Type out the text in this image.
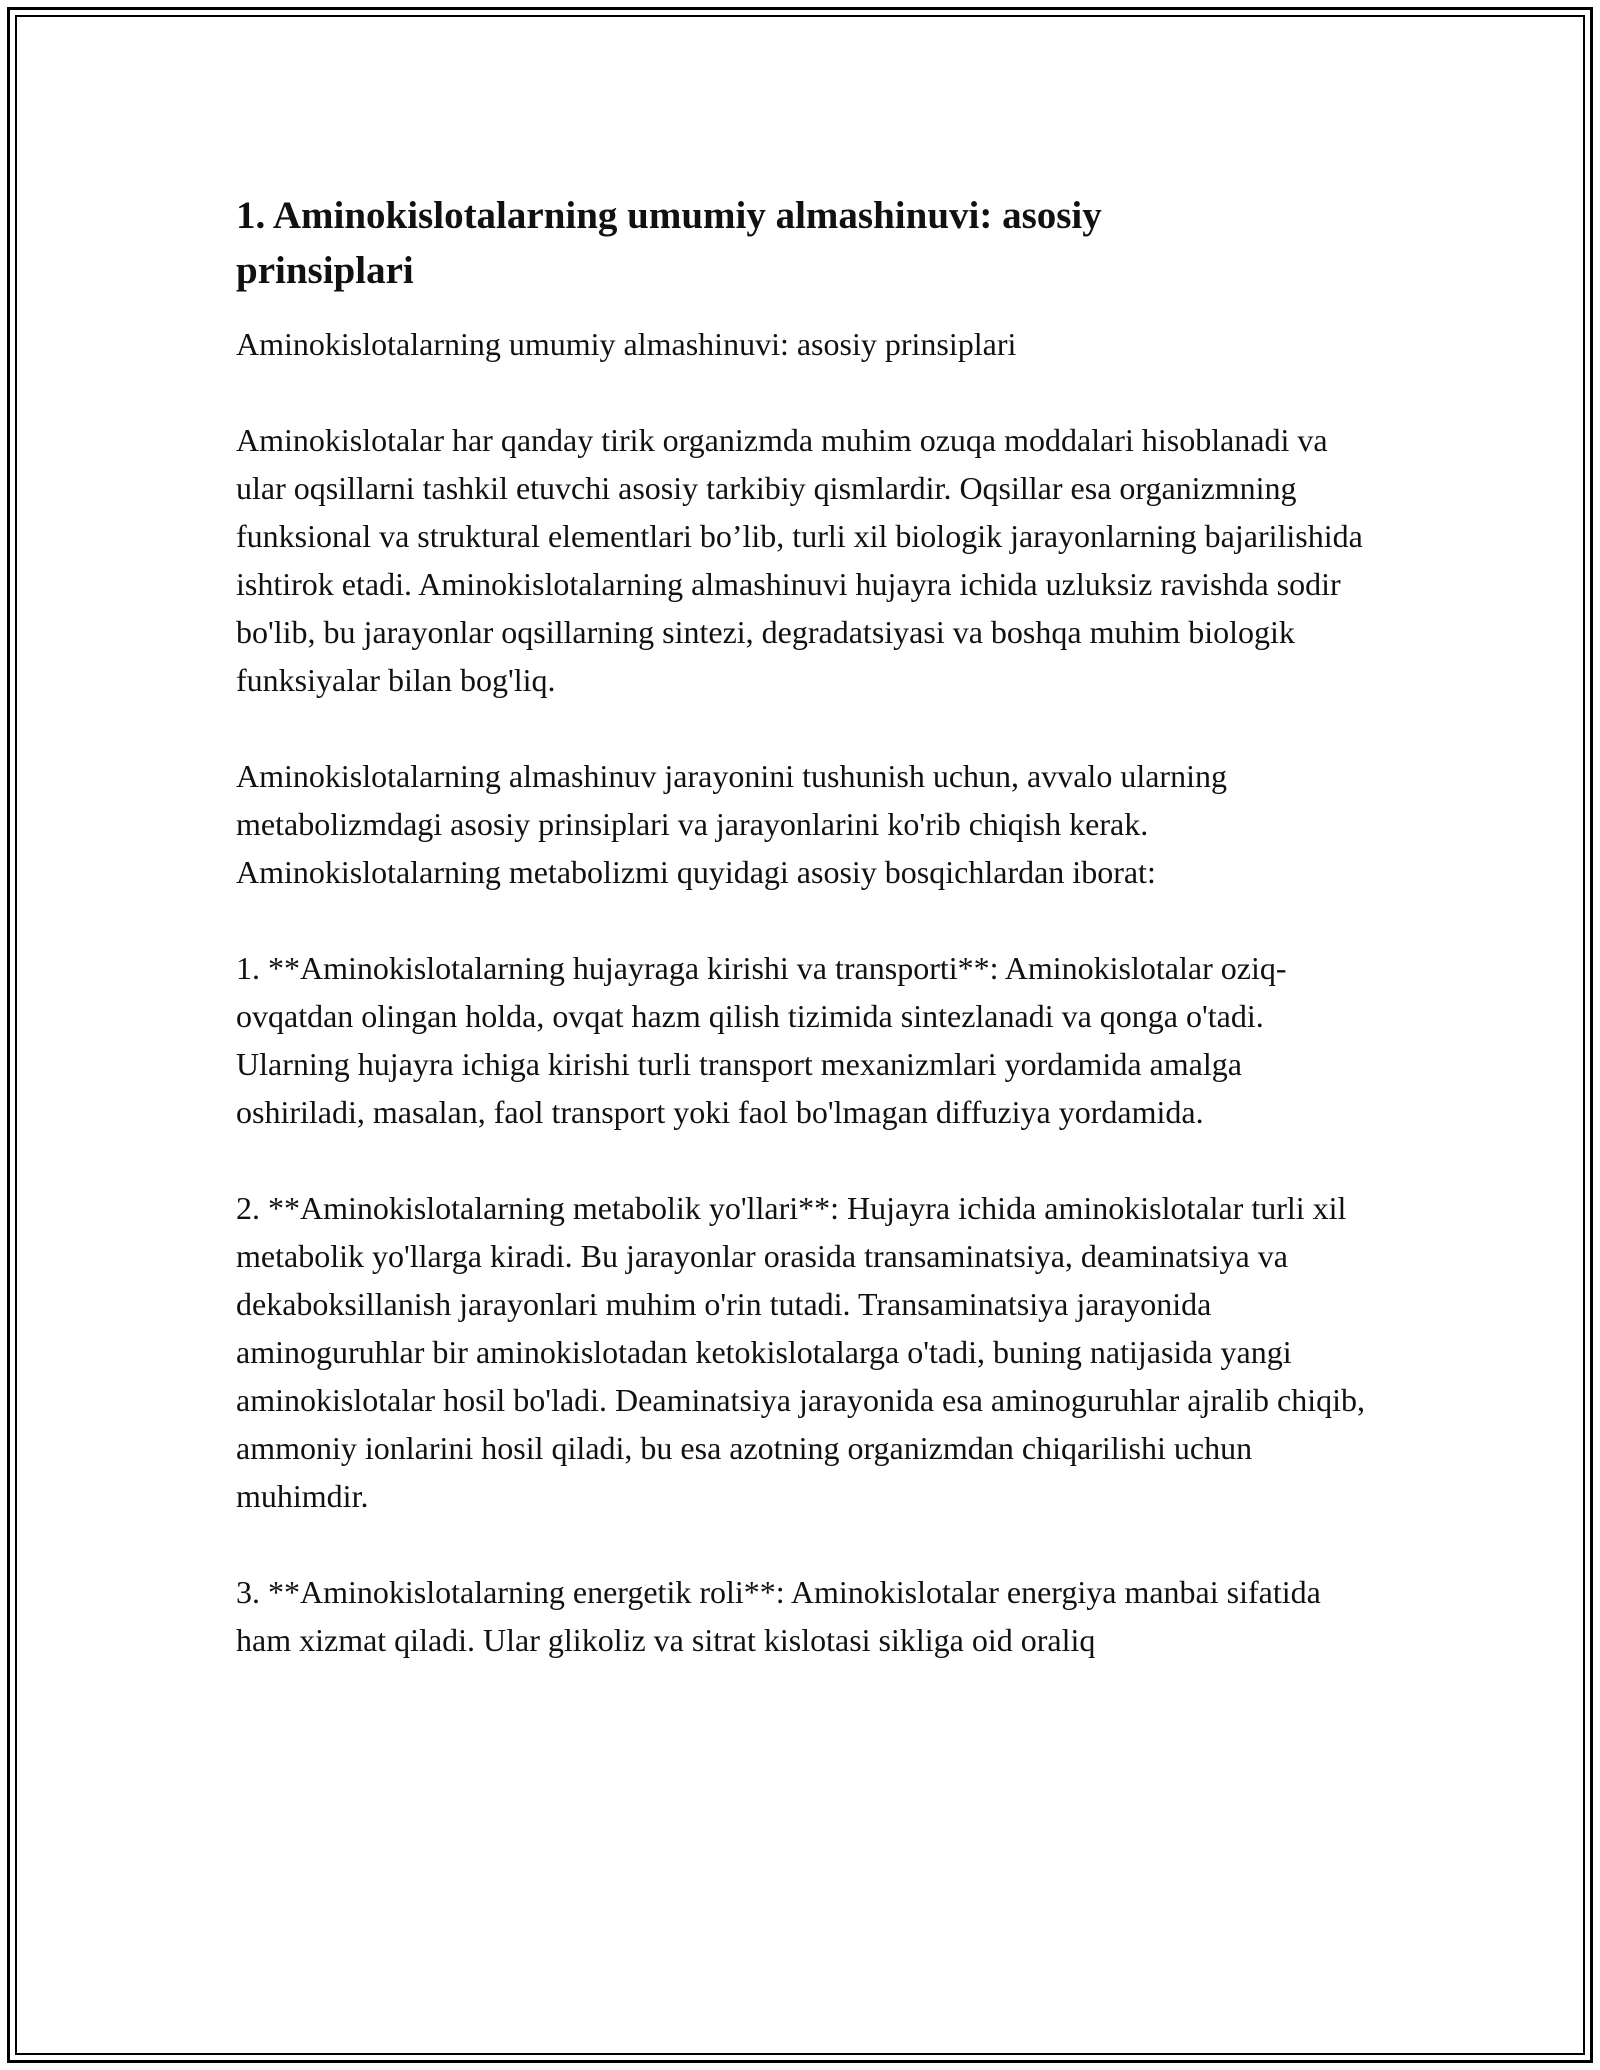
1. Aminokislotalarning umumiy almashinuvi: asosiy prinsiplari

Aminokislotalarning umumiy almashinuvi: asosiy prinsiplari

Aminokislotalar har qanday tirik organizmda muhim ozuqa moddalari hisoblanadi va ular oqsillarni tashkil etuvchi asosiy tarkibiy qismlardir. Oqsillar esa organizmning funksional va struktural elementlari bo’lib, turli xil biologik jarayonlarning bajarilishida ishtirok etadi. Aminokislotalarning almashinuvi hujayra ichida uzluksiz ravishda sodir bo'lib, bu jarayonlar oqsillarning sintezi, degradatsiyasi va boshqa muhim biologik funksiyalar bilan bog'liq.

Aminokislotalarning almashinuv jarayonini tushunish uchun, avvalo ularning metabolizmdagi asosiy prinsiplari va jarayonlarini ko'rib chiqish kerak. Aminokislotalarning metabolizmi quyidagi asosiy bosqichlardan iborat:

1. **Aminokislotalarning hujayraga kirishi va transporti**: Aminokislotalar oziq-ovqatdan olingan holda, ovqat hazm qilish tizimida sintezlanadi va qonga o'tadi. Ularning hujayra ichiga kirishi turli transport mexanizmlari yordamida amalga oshiriladi, masalan, faol transport yoki faol bo'lmagan diffuziya yordamida.

2. **Aminokislotalarning metabolik yo'llari**: Hujayra ichida aminokislotalar turli xil metabolik yo'llarga kiradi. Bu jarayonlar orasida transaminatsiya, deaminatsiya va dekaboksillanish jarayonlari muhim o'rin tutadi. Transaminatsiya jarayonida aminoguruhlar bir aminokislotadan ketokislotalarga o'tadi, buning natijasida yangi aminokislotalar hosil bo'ladi. Deaminatsiya jarayonida esa aminoguruhlar ajralib chiqib, ammoniy ionlarini hosil qiladi, bu esa azotning organizmdan chiqarilishi uchun muhimdir.

3. **Aminokislotalarning energetik roli**: Aminokislotalar energiya manbai sifatida ham xizmat qiladi. Ular glikoliz va sitrat kislotasi sikliga oid oraliq
